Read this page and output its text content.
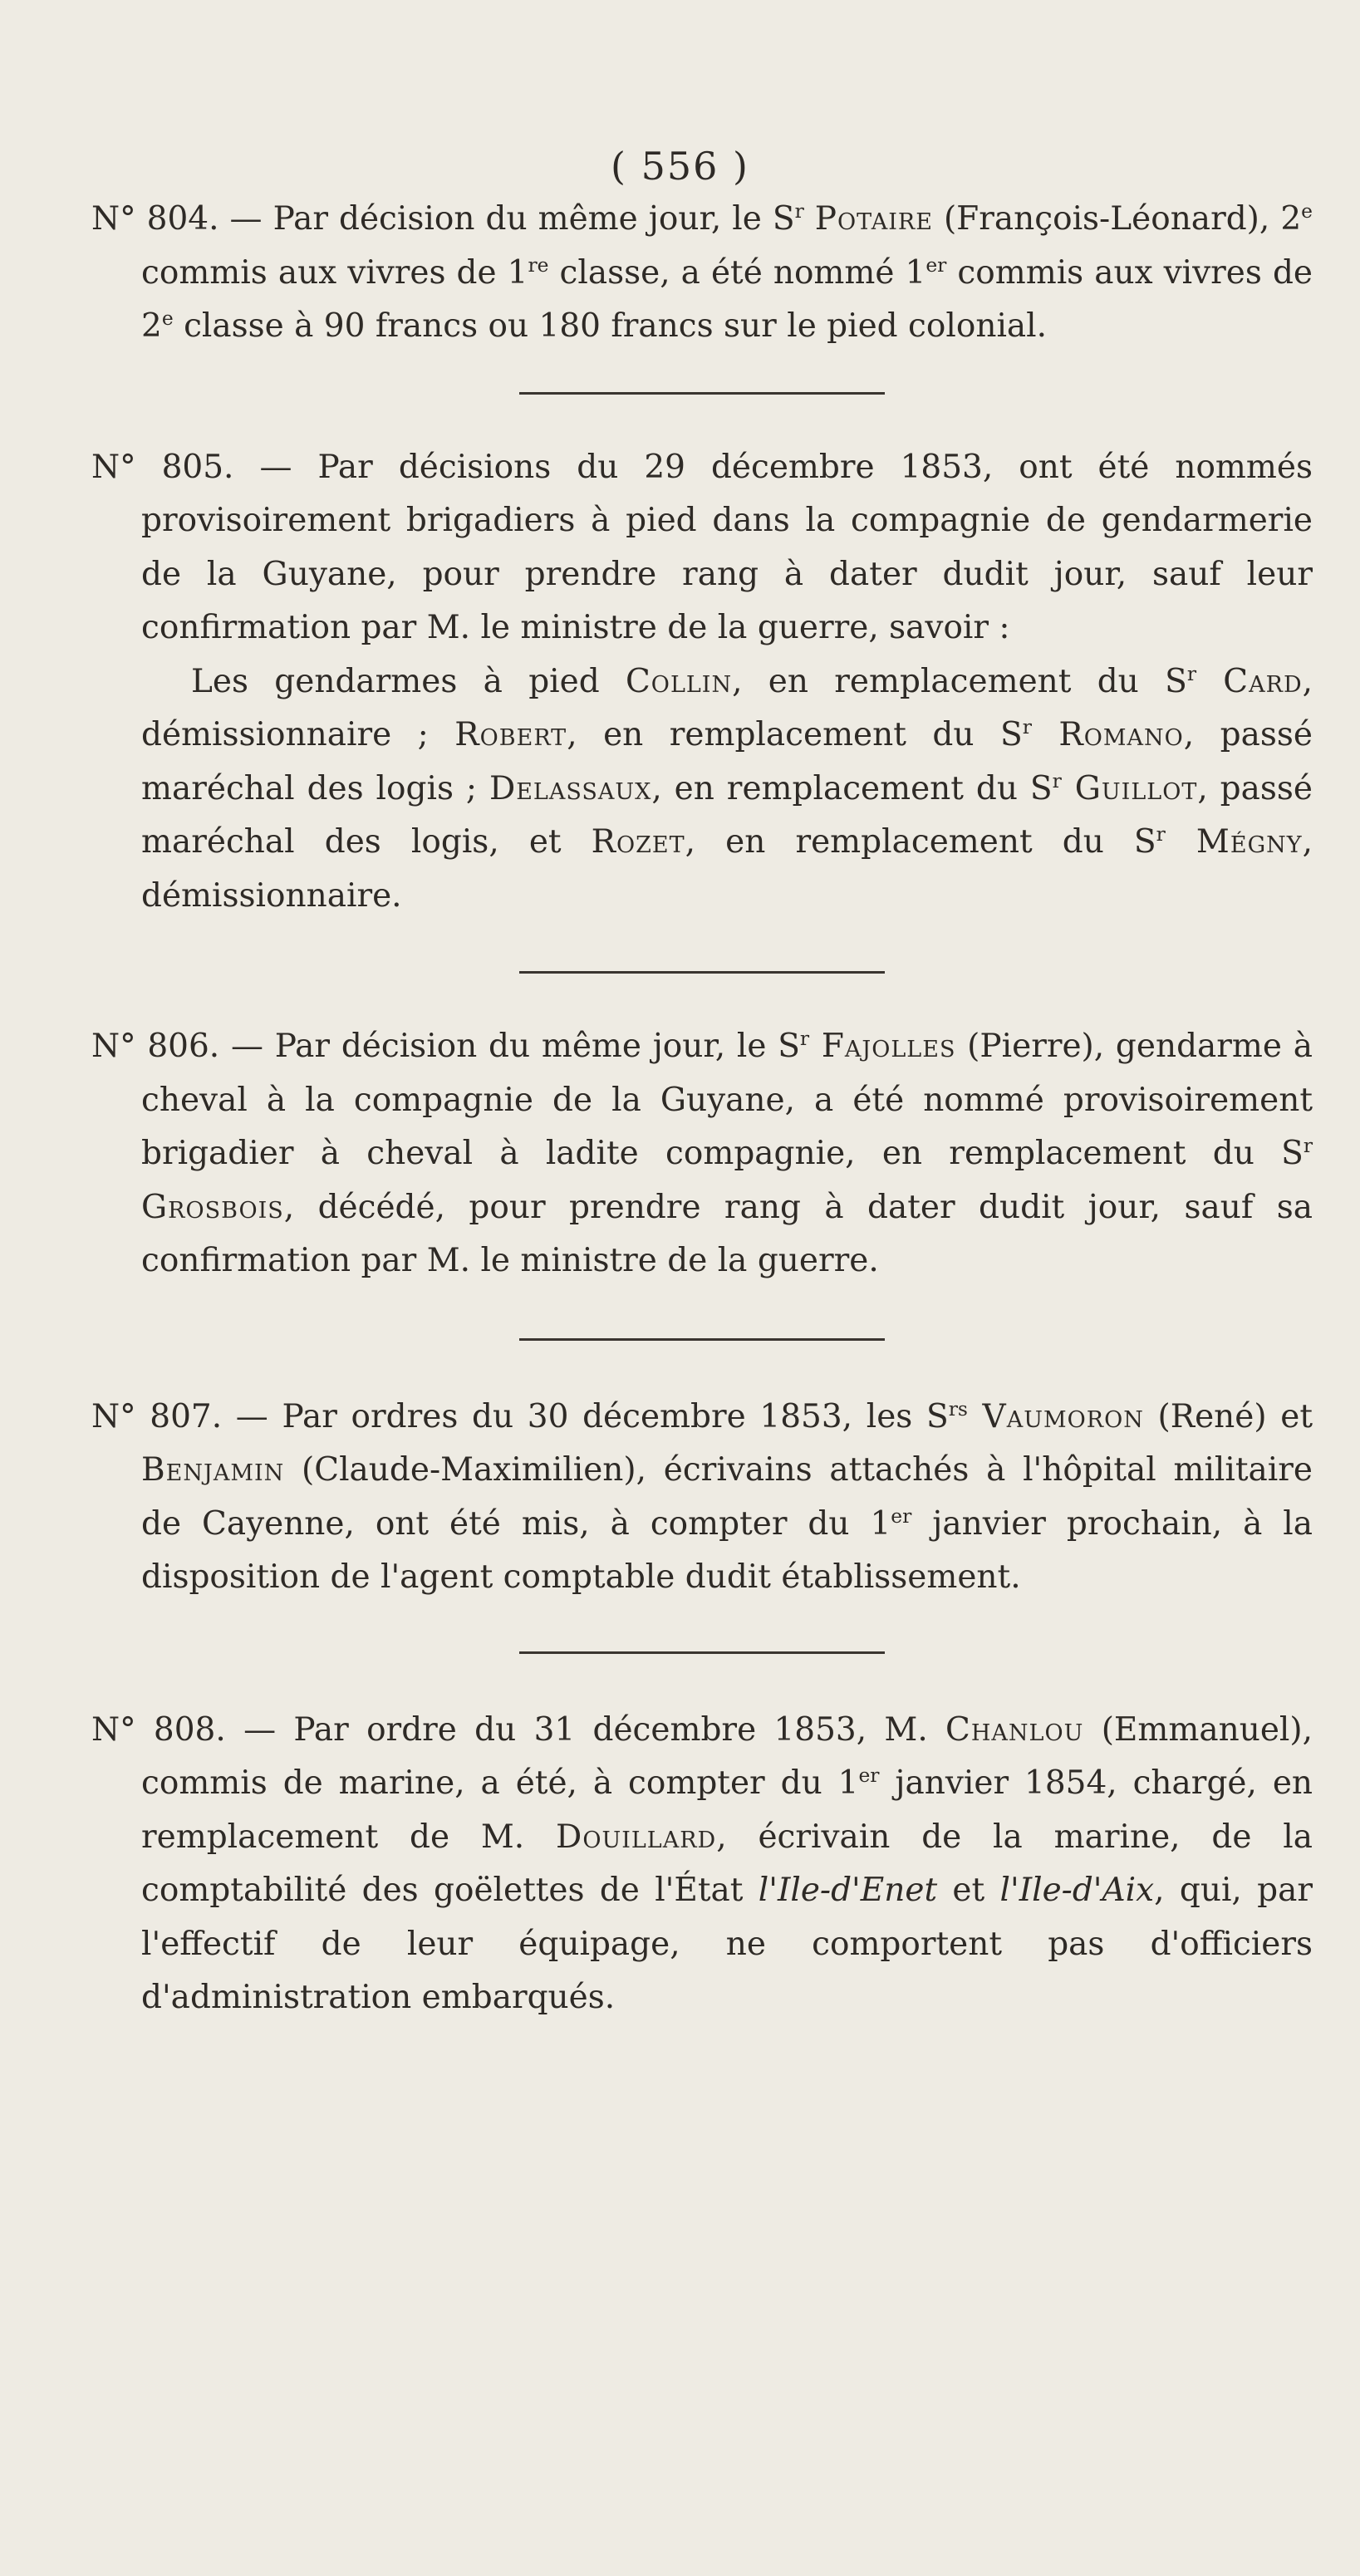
( 556 )

N° 804. — Par décision du même jour, le $S^r$ Potaire (François-Léonard), 2e commis aux vivres de 1re classe, a été nommé 1er commis aux vivres de 2e classe à 90 francs ou 180 francs sur le pied colonial.

N° 805. — Par décisions du 29 décembre 1853, ont été nommés provisoirement brigadiers à pied dans la compagnie de gendarmerie de la Guyane, pour prendre rang à dater dudit jour, sauf leur confirmation par M. le ministre de la guerre, savoir :

Les gendarmes à pied Collin, en remplacement du $S^r$ Card, démissionnaire ; Robert, en remplacement du $S^r$ Romano, passé maréchal des logis ; Delassaux, en remplacement du $S^r$ Guillot, passé maréchal des logis, et Rozet, en remplacement du $S^r$ Mégny, démissionnaire.

N° 806. — Par décision du même jour, le $S^r$ Fajolles (Pierre), gendarme à cheval à la compagnie de la Guyane, a été nommé provisoirement brigadier à cheval à ladite compagnie, en remplacement du $S^r$ Grosbois, décédé, pour prendre rang à dater dudit jour, sauf sa confirmation par M. le ministre de la guerre.

N° 807. — Par ordres du 30 décembre 1853, les $S^{rs}$ Vaumoron (René) et Benjamin (Claude-Maximilien), écrivains attachés à l'hôpital militaire de Cayenne, ont été mis, à compter du 1er janvier prochain, à la disposition de l'agent comptable dudit établissement.

N° 808. — Par ordre du 31 décembre 1853, M. Chanlou (Emmanuel), commis de marine, a été, à compter du 1er janvier 1854, chargé, en remplacement de M. Douillard, écrivain de la marine, de la comptabilité des goëlettes de l'État l'Ile-d'Enet et l'Ile-d'Aix, qui, par l'effectif de leur équipage, ne comportent pas d'officiers d'administration embarqués.
